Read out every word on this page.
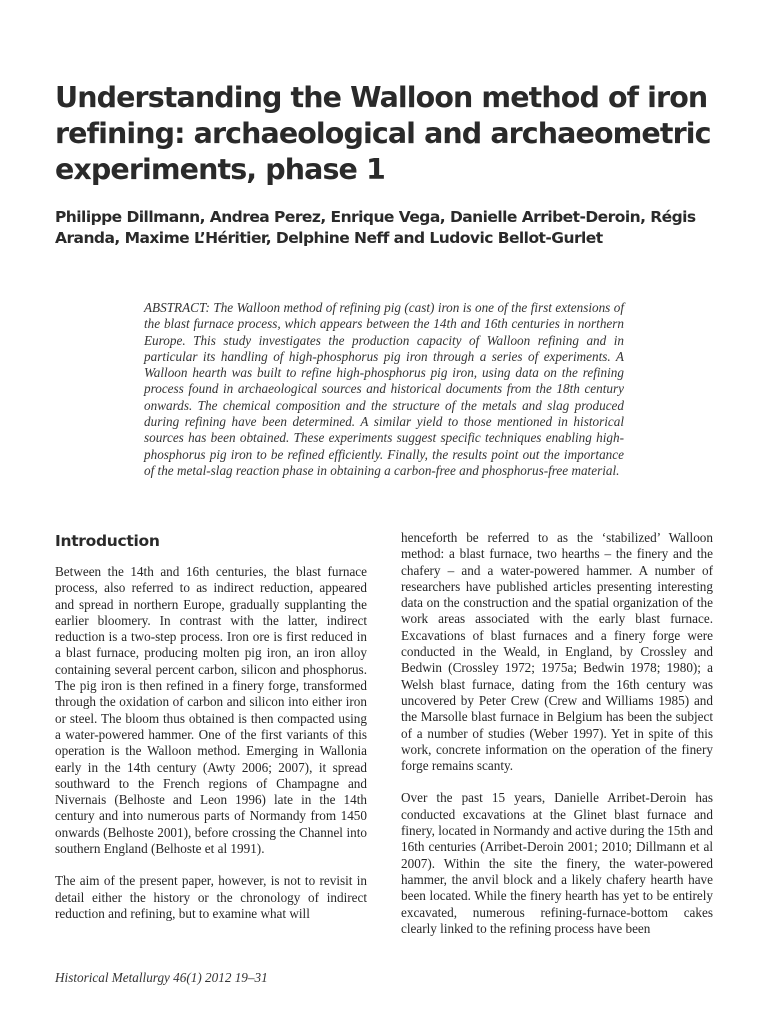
Understanding the Walloon method of iron refining: archaeological and archaeometric experiments, phase 1

Philippe Dillmann, Andrea Perez, Enrique Vega, Danielle Arribet-Deroin, Régis Aranda, Maxime L’Héritier, Delphine Neff and Ludovic Bellot-Gurlet

ABSTRACT: The Walloon method of refining pig (cast) iron is one of the first extensions of the blast furnace process, which appears between the 14th and 16th centuries in northern Europe. This study investigates the production capacity of Walloon refining and in particular its handling of high-phosphorus pig iron through a series of experiments. A Walloon hearth was built to refine high-phosphorus pig iron, using data on the refining process found in archaeological sources and historical documents from the 18th century onwards. The chemical composition and the structure of the metals and slag produced during refining have been determined. A similar yield to those mentioned in historical sources has been obtained. These experiments suggest specific techniques enabling high-phosphorus pig iron to be refined efficiently. Finally, the results point out the importance of the metal-slag reaction phase in obtaining a carbon-free and phosphorus-free material.

Introduction

Between the 14th and 16th centuries, the blast furnace process, also referred to as indirect reduction, appeared and spread in northern Europe, gradually supplanting the earlier bloomery. In contrast with the latter, indirect reduction is a two-step process. Iron ore is first reduced in a blast furnace, producing molten pig iron, an iron alloy containing several percent carbon, silicon and phosphorus. The pig iron is then refined in a finery forge, transformed through the oxidation of carbon and silicon into either iron or steel. The bloom thus obtained is then compacted using a water-powered hammer. One of the first variants of this operation is the Walloon method. Emerging in Wallonia early in the 14th century (Awty 2006; 2007), it spread southward to the French regions of Champagne and Nivernais (Belhoste and Leon 1996) late in the 14th century and into numerous parts of Normandy from 1450 onwards (Belhoste 2001), before crossing the Channel into southern England (Belhoste et al 1991).

The aim of the present paper, however, is not to revisit in detail either the history or the chronology of indirect reduction and refining, but to examine what will

henceforth be referred to as the ‘stabilized’ Walloon method: a blast furnace, two hearths – the finery and the chafery – and a water-powered hammer. A number of researchers have published articles presenting interesting data on the construction and the spatial organization of the work areas associated with the early blast furnace. Excavations of blast furnaces and a finery forge were conducted in the Weald, in England, by Crossley and Bedwin (Crossley 1972; 1975a; Bedwin 1978; 1980); a Welsh blast furnace, dating from the 16th century was uncovered by Peter Crew (Crew and Williams 1985) and the Marsolle blast furnace in Belgium has been the subject of a number of studies (Weber 1997). Yet in spite of this work, concrete information on the operation of the finery forge remains scanty.

Over the past 15 years, Danielle Arribet-Deroin has conducted excavations at the Glinet blast furnace and finery, located in Normandy and active during the 15th and 16th centuries (Arribet-Deroin 2001; 2010; Dillmann et al 2007). Within the site the finery, the water-powered hammer, the anvil block and a likely chafery hearth have been located. While the finery hearth has yet to be entirely excavated, numerous refining-furnace-bottom cakes clearly linked to the refining process have been

Historical Metallurgy 46(1) 2012 19–31
